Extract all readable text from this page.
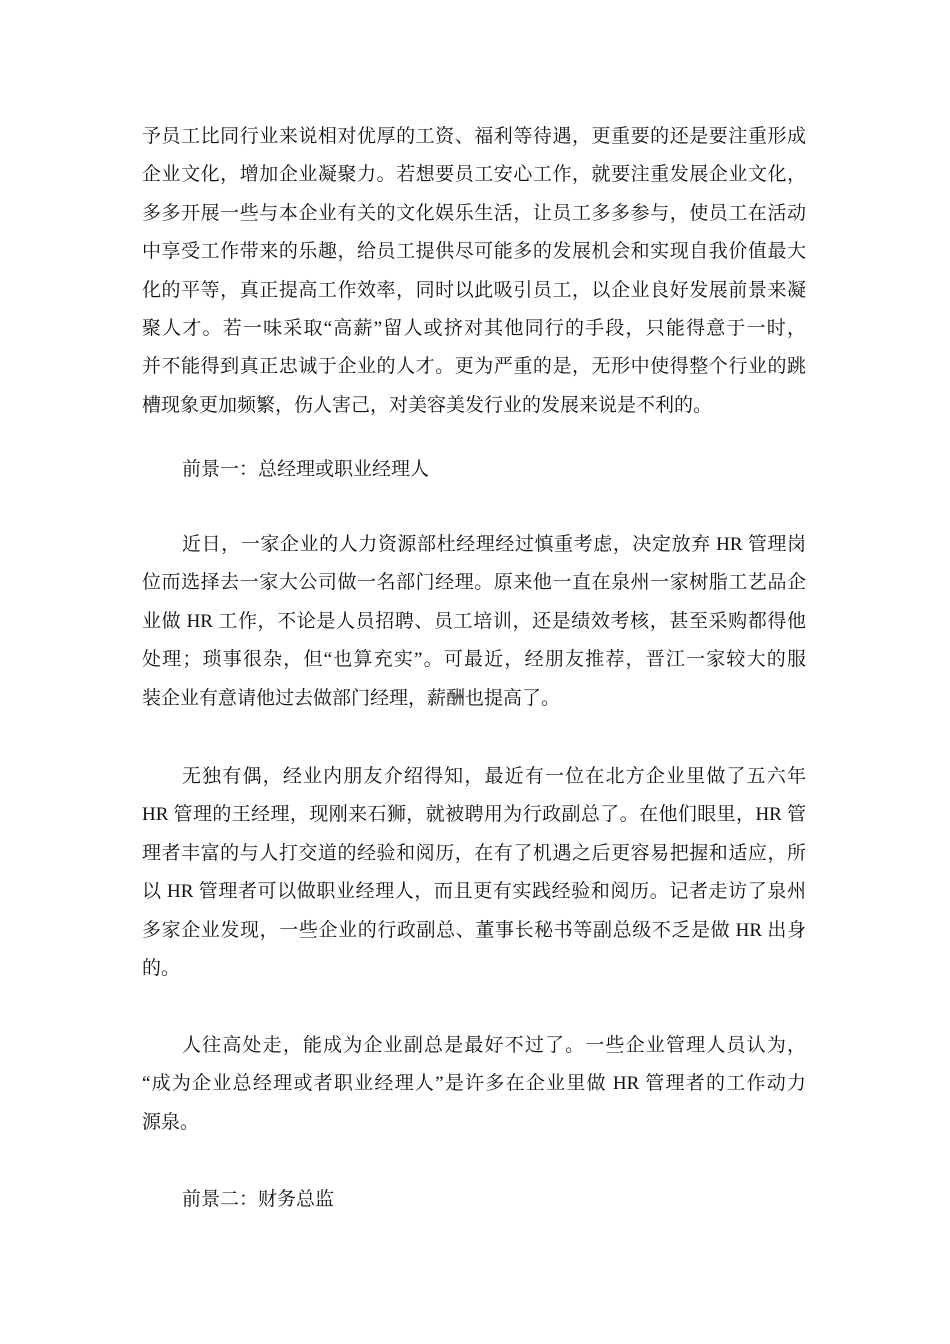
予员工比同行业来说相对优厚的工资、福利等待遇，更重要的还是要注重形成
企业文化，增加企业凝聚力。若想要员工安心工作，就要注重发展企业文化，
多多开展一些与本企业有关的文化娱乐生活，让员工多多参与，使员工在活动
中享受工作带来的乐趣，给员工提供尽可能多的发展机会和实现自我价值最大
化的平等，真正提高工作效率，同时以此吸引员工，以企业良好发展前景来凝
聚人才。若一味采取“高薪”留人或挤对其他同行的手段，只能得意于一时，
并不能得到真正忠诚于企业的人才。更为严重的是，无形中使得整个行业的跳
槽现象更加频繁，伤人害己，对美容美发行业的发展来说是不利的。
前景一：总经理或职业经理人
近日，一家企业的人力资源部杜经理经过慎重考虑，决定放弃 HR 管理岗
位而选择去一家大公司做一名部门经理。原来他一直在泉州一家树脂工艺品企
业做 HR 工作，不论是人员招聘、员工培训，还是绩效考核，甚至采购都得他
处理；琐事很杂，但“也算充实”。可最近，经朋友推荐，晋江一家较大的服
装企业有意请他过去做部门经理，薪酬也提高了。
无独有偶，经业内朋友介绍得知，最近有一位在北方企业里做了五六年
HR 管理的王经理，现刚来石狮，就被聘用为行政副总了。在他们眼里，HR 管
理者丰富的与人打交道的经验和阅历，在有了机遇之后更容易把握和适应，所
以 HR 管理者可以做职业经理人，而且更有实践经验和阅历。记者走访了泉州
多家企业发现，一些企业的行政副总、董事长秘书等副总级不乏是做 HR 出身
的。
人往高处走，能成为企业副总是最好不过了。一些企业管理人员认为，
“成为企业总经理或者职业经理人”是许多在企业里做 HR 管理者的工作动力
源泉。
前景二：财务总监
